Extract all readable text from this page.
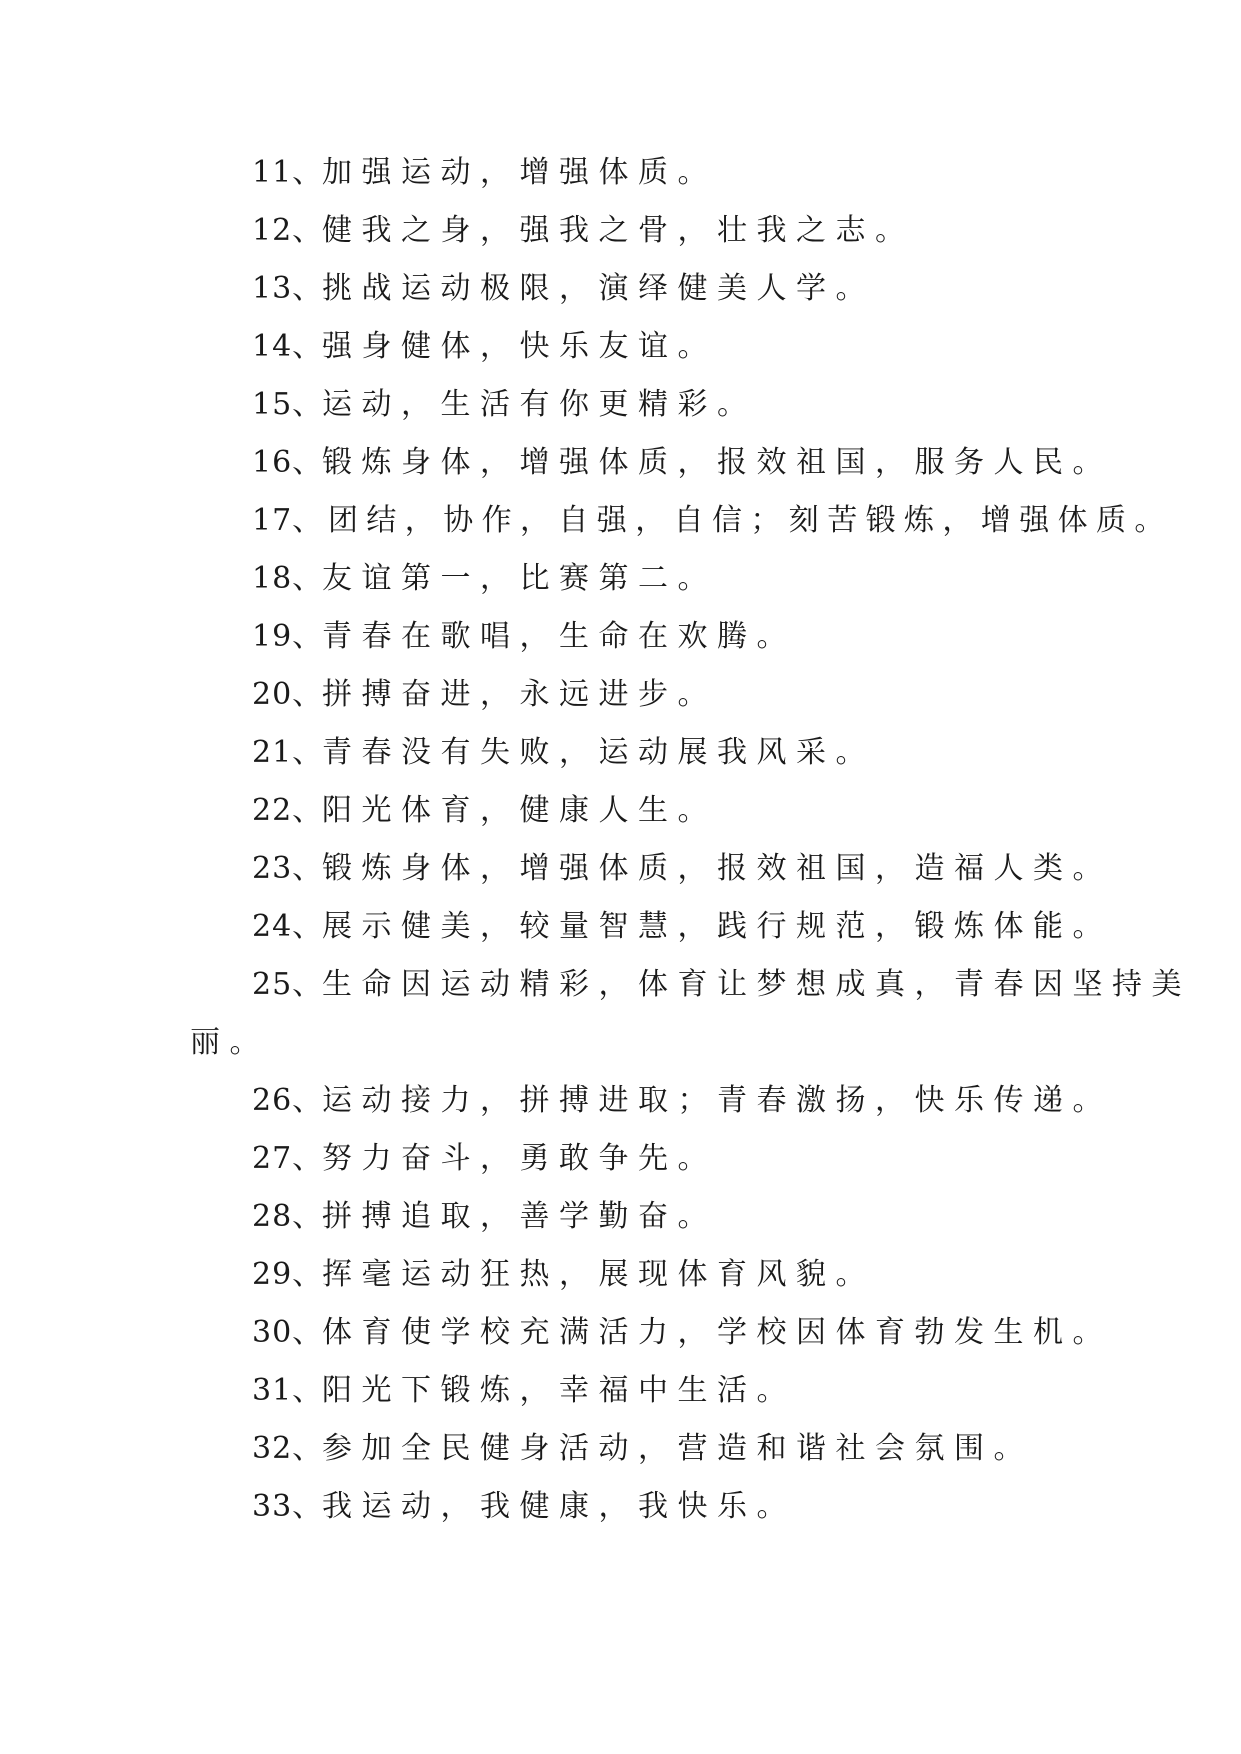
11、
加强运动，增强体质。
12、
健我之身，强我之骨，壮我之志。
13、
挑战运动极限，演绎健美人学。
14、
强身健体，快乐友谊。
15、
运动，生活有你更精彩。
16、
锻炼身体，增强体质，报效祖国，服务人民。
17、 团结，协作，自强，自信；刻苦锻炼，增强体质。
18、
友谊第一，比赛第二。
19、
青春在歌唱，生命在欢腾。
20、
拼搏奋进，永远进步。
21、
青春没有失败，运动展我风采。
22、
阳光体育，健康人生。
23、
锻炼身体，增强体质，报效祖国，造福人类。
24、
展示健美，较量智慧，践行规范，锻炼体能。
25、
生命因运动精彩，体育让梦想成真，青春因坚持美
丽。
26、
运动接力，拼搏进取；青春激扬，快乐传递。
27、
努力奋斗，勇敢争先。
28、
拼搏追取，善学勤奋。
29、
挥毫运动狂热，展现体育风貌。
30、
体育使学校充满活力，学校因体育勃发生机。
31、
阳光下锻炼，幸福中生活。
32、
参加全民健身活动，营造和谐社会氛围。
33、
我运动，我健康，我快乐。
